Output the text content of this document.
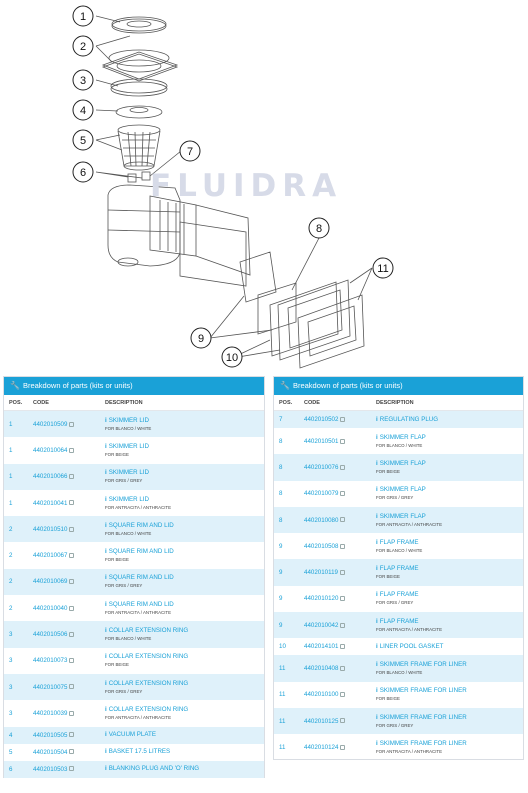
1
2
3
4
5
6
7
8
9
10
11
FLUIDRA
🔧 Breakdown of parts (kits or units)
POS.	CODE	DESCRIPTION
1	4402010509
i SKIMMER LID
FOR BLANCO / WHITE
1	4402010064
i SKIMMER LID
FOR BEIGE
1	4402010066
i SKIMMER LID
FOR GRIS / GREY
1	4402010041
i SKIMMER LID
FOR ANTRACITA / ANTHRACITE
2	4402010510
i SQUARE RIM AND LID
FOR BLANCO / WHITE
2	4402010067
i SQUARE RIM AND LID
FOR BEIGE
2	4402010069
i SQUARE RIM AND LID
FOR GRIS / GREY
2	4402010040
i SQUARE RIM AND LID
FOR ANTRACITA / ANTHRACITE
3	4402010506
i COLLAR EXTENSION RING
FOR BLANCO / WHITE
3	4402010073
i COLLAR EXTENSION RING
FOR BEIGE
3	4402010075
i COLLAR EXTENSION RING
FOR GRIS / GREY
3	4402010039
i COLLAR EXTENSION RING
FOR ANTRACITA / ANTHRACITE
4	4402010505	i VACUUM PLATE
5	4402010504	i BASKET 17.5 LITRES
6	4402010503	i BLANKING PLUG AND 'O' RING
🔧 Breakdown of parts (kits or units)
POS.	CODE	DESCRIPTION
7	4402010502	i REGULATING PLUG
8	4402010501
i SKIMMER FLAP
FOR BLANCO / WHITE
8	4402010076
i SKIMMER FLAP
FOR BEIGE
8	4402010079
i SKIMMER FLAP
FOR GRIS / GREY
8	4402010080
i SKIMMER FLAP
FOR ANTRACITA / ANTHRACITE
9	4402010508
i FLAP FRAME
FOR BLANCO / WHITE
9	4402010119
i FLAP FRAME
FOR BEIGE
9	4402010120
i FLAP FRAME
FOR GRIS / GREY
9	4402010042
i FLAP FRAME
FOR ANTRACITA / ANTHRACITE
10	4402014101	i LINER POOL GASKET
11	4402010408
i SKIMMER FRAME FOR LINER
FOR BLANCO / WHITE
11	4402010100
i SKIMMER FRAME FOR LINER
FOR BEIGE
11	4402010125
i SKIMMER FRAME FOR LINER
FOR GRIS / GREY
11	4402010124
i SKIMMER FRAME FOR LINER
FOR ANTRACITA / ANTHRACITE
